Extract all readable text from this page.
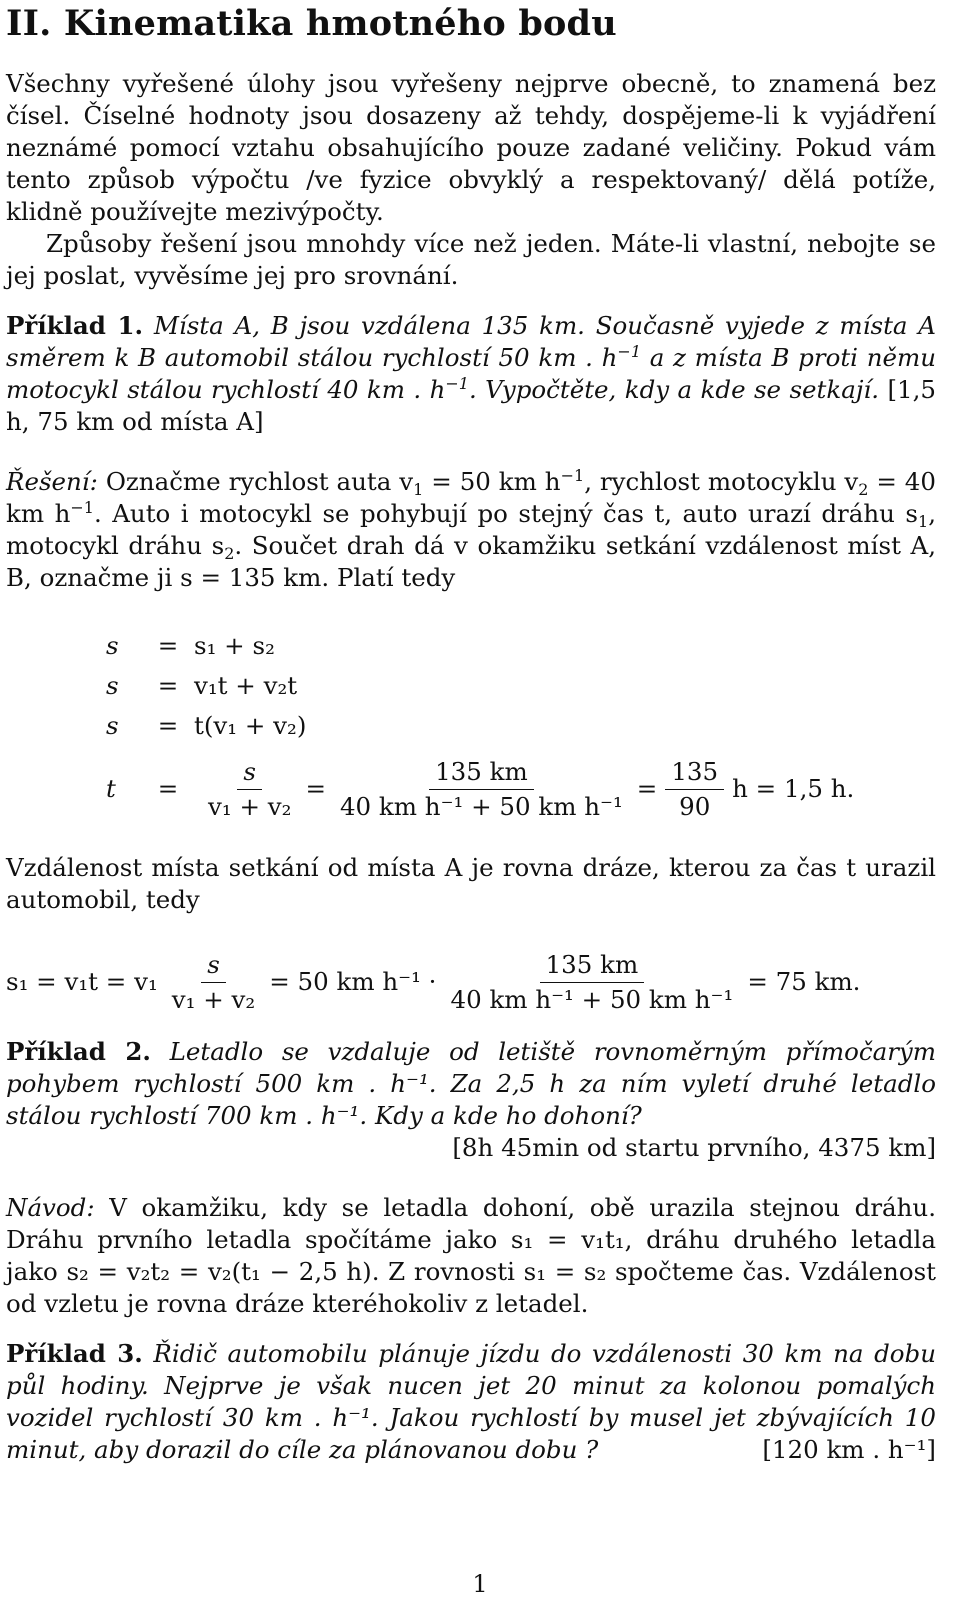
II. Kinematika hmotného bodu

Všechny vyřešené úlohy jsou vyřešeny nejprve obecně, to znamená bez čísel. Číselné hodnoty jsou dosazeny až tehdy, dospějeme-li k vyjádření neznámé pomocí vztahu obsahujícího pouze zadané veličiny. Pokud vám tento způsob výpočtu /ve fyzice obvyklý a respektovaný/ dělá potíže, klidně používejte mezivýpočty.

Způsoby řešení jsou mnohdy více než jeden. Máte-li vlastní, nebojte se jej poslat, vyvěsíme jej pro srovnání.

Příklad 1. Místa A, B jsou vzdálena 135 km. Současně vyjede z místa A směrem k B automobil stálou rychlostí 50 km . $h^{-1}$ a z místa B proti němu motocykl stálou rychlostí 40 km . $h^{-1}$. Vypočtěte, kdy a kde se setkají. [1,5 h, 75 km od místa A]

Řešení: Označme rychlost auta $v_1 = 50$ km $h^{-1}$, rychlost motocyklu $v_2 = 40$ km $h^{-1}$. Auto i motocykl se pohybují po stejný čas t, auto urazí dráhu $s_1$, motocykl dráhu $s_2$. Součet drah dá v okamžiku setkání vzdálenost míst A, B, označme ji s = 135 km. Platí tedy

s	= s₁ + s₂
s	= v₁t + v₂t
s	= t(v₁ + v₂)
t	= $\frac{s}{\text{v₁ + v₂}} = \frac{135 km}{\text{40 km h⁻¹ + 50 km h⁻¹}} = \frac{135}{90}$ h = 1,5 h.

Vzdálenost místa setkání od místa A je rovna dráze, kterou za čas t urazil automobil, tedy

$s_1 = v_1t = v_1 \frac{s}{\text{v₁ + v₂}} = 50$ km $h^{-1} \cdot \frac{135 km}{\text{40 km h⁻¹ + 50 km h⁻¹}} = 75$ km.

Příklad 2. Letadlo se vzdaluje od letiště rovnoměrným přímočarým pohybem rychlostí 500 km . h⁻¹. Za 2,5 h za ním vyletí druhé letadlo stálou rychlostí 700 km . h⁻¹. Kdy a kde ho dohoní?

[8h 45min od startu prvního, 4375 km]

Návod: V okamžiku, kdy se letadla dohoní, obě urazila stejnou dráhu. Dráhu prvního letadla spočítáme jako s₁ = v₁t₁, dráhu druhého letadla jako s₂ = v₂t₂ = v₂(t₁ − 2,5 h). Z rovnosti s₁ = s₂ spočteme čas. Vzdálenost od vzletu je rovna dráze kteréhokoliv z letadel.

Příklad 3. Řidič automobilu plánuje jízdu do vzdálenosti 30 km na dobu půl hodiny. Nejprve je však nucen jet 20 minut za kolonou pomalých vozidel rychlostí 30 km . h⁻¹. Jakou rychlostí by musel jet zbývajících 10 minut, aby dorazil do cíle za plánovanou dobu ?	[120 km . h⁻¹]

1
